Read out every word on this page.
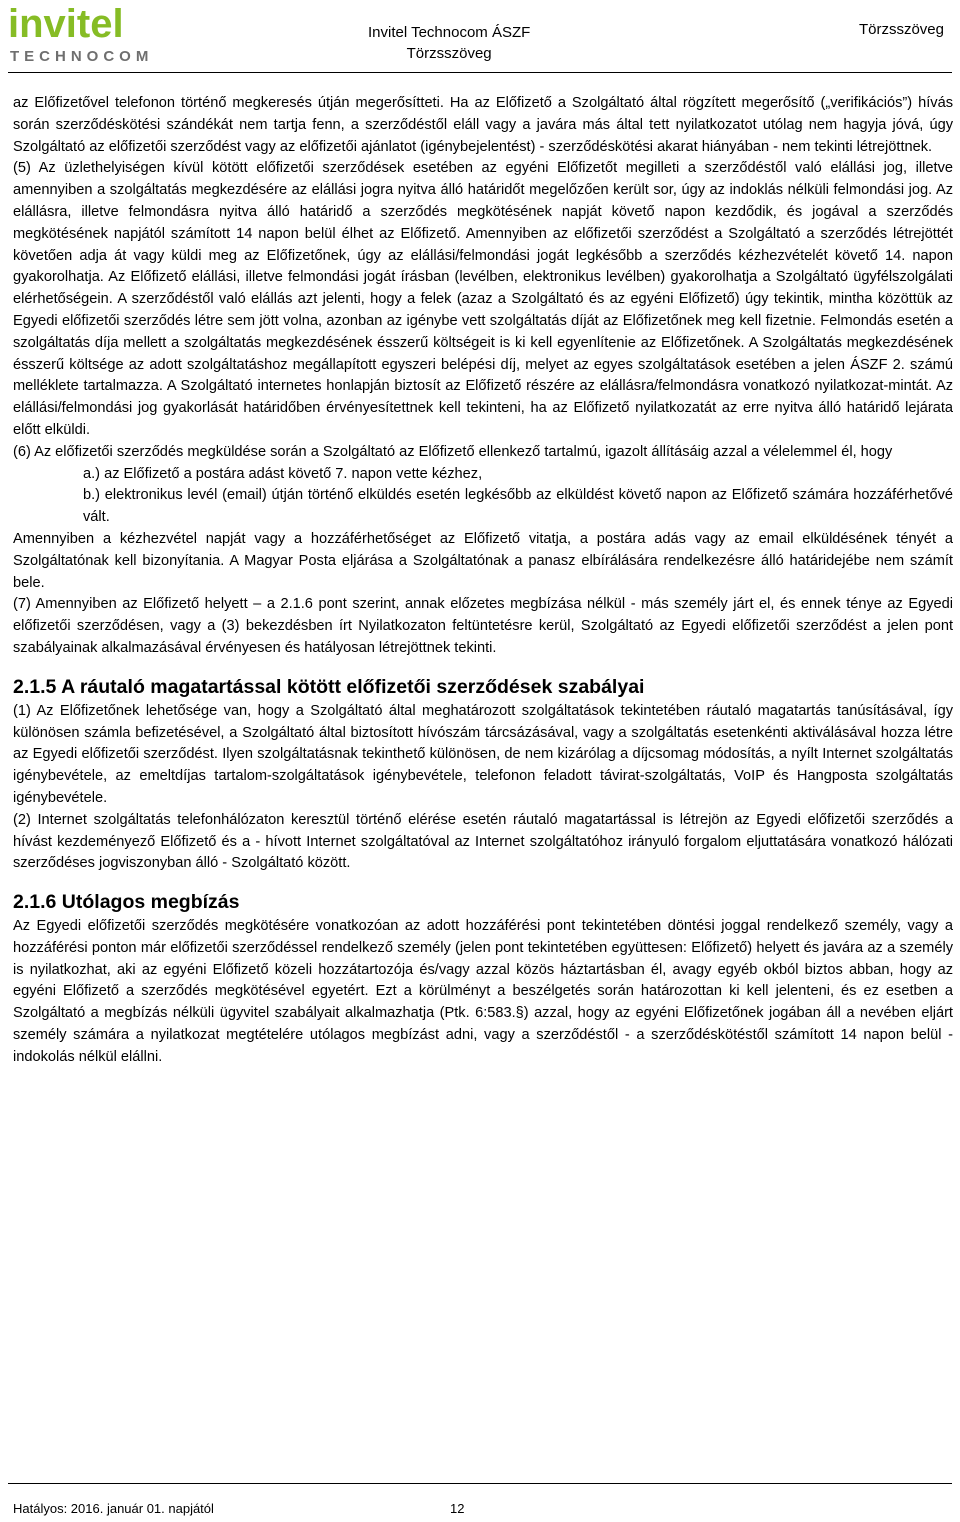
invitel
TECHNOCOM
Invitel Technocom ÁSZF
Törzsszöveg
Törzsszöveg

az Előfizetővel telefonon történő megkeresés útján megerősítteti. Ha az Előfizető a Szolgáltató által rögzített megerősítő („verifikációs”) hívás során szerződéskötési szándékát nem tartja fenn, a szerződéstől eláll vagy a javára más által tett nyilatkozatot utólag nem hagyja jóvá, úgy Szolgáltató az előfizetői szerződést vagy az előfizetői ajánlatot (igénybejelentést) - szerződéskötési akarat hiányában - nem tekinti létrejöttnek.

(5) Az üzlethelyiségen kívül kötött előfizetői szerződések esetében az egyéni Előfizetőt megilleti a szerződéstől való elállási jog, illetve amennyiben a szolgáltatás megkezdésére az elállási jogra nyitva álló határidőt megelőzően került sor, úgy az indoklás nélküli felmondási jog. Az elállásra, illetve felmondásra nyitva álló határidő a szerződés megkötésének napját követő napon kezdődik, és jogával a szerződés megkötésének napjától számított 14 napon belül élhet az Előfizető. Amennyiben az előfizetői szerződést a Szolgáltató a szerződés létrejöttét követően adja át vagy küldi meg az Előfizetőnek, úgy az elállási/felmondási jogát legkésőbb a szerződés kézhezvételét követő 14. napon gyakorolhatja. Az Előfizető elállási, illetve felmondási jogát írásban (levélben, elektronikus levélben) gyakorolhatja a Szolgáltató ügyfélszolgálati elérhetőségein. A szerződéstől való elállás azt jelenti, hogy a felek (azaz a Szolgáltató és az egyéni Előfizető) úgy tekintik, mintha közöttük az Egyedi előfizetői szerződés létre sem jött volna, azonban az igénybe vett szolgáltatás díját az Előfizetőnek meg kell fizetnie. Felmondás esetén a szolgáltatás díja mellett a szolgáltatás megkezdésének ésszerű költségeit is ki kell egyenlítenie az Előfizetőnek. A Szolgáltatás megkezdésének ésszerű költsége az adott szolgáltatáshoz megállapított egyszeri belépési díj, melyet az egyes szolgáltatások esetében a jelen ÁSZF 2. számú melléklete tartalmazza. A Szolgáltató internetes honlapján biztosít az Előfizető részére az elállásra/felmondásra vonatkozó nyilatkozat-mintát. Az elállási/felmondási jog gyakorlását határidőben érvényesítettnek kell tekinteni, ha az Előfizető nyilatkozatát az erre nyitva álló határidő lejárata előtt elküldi.

(6) Az előfizetői szerződés megküldése során a Szolgáltató az Előfizető ellenkező tartalmú, igazolt állításáig azzal a vélelemmel él, hogy

a.) az Előfizető a postára adást követő 7. napon vette kézhez,

b.) elektronikus levél (email) útján történő elküldés esetén legkésőbb az elküldést követő napon az Előfizető számára hozzáférhetővé vált.

Amennyiben a kézhezvétel napját vagy a hozzáférhetőséget az Előfizető vitatja, a postára adás vagy az email elküldésének tényét a Szolgáltatónak kell bizonyítania. A Magyar Posta eljárása a Szolgáltatónak a panasz elbírálására rendelkezésre álló határidejébe nem számít bele.

(7) Amennyiben az Előfizető helyett – a 2.1.6 pont szerint, annak előzetes megbízása nélkül - más személy járt el, és ennek ténye az Egyedi előfizetői szerződésen, vagy a (3) bekezdésben írt Nyilatkozaton feltüntetésre kerül, Szolgáltató az Egyedi előfizetői szerződést a jelen pont szabályainak alkalmazásával érvényesen és hatályosan létrejöttnek tekinti.

2.1.5 A ráutaló magatartással kötött előfizetői szerződések szabályai

(1) Az Előfizetőnek lehetősége van, hogy a Szolgáltató által meghatározott szolgáltatások tekintetében ráutaló magatartás tanúsításával, így különösen számla befizetésével, a Szolgáltató által biztosított hívószám tárcsázásával, vagy a szolgáltatás esetenkénti aktiválásával hozza létre az Egyedi előfizetői szerződést. Ilyen szolgáltatásnak tekinthető különösen, de nem kizárólag a díjcsomag módosítás, a nyílt Internet szolgáltatás igénybevétele, az emeltdíjas tartalom-szolgáltatások igénybevétele, telefonon feladott távirat-szolgáltatás, VoIP és Hangposta szolgáltatás igénybevétele.

(2) Internet szolgáltatás telefonhálózaton keresztül történő elérése esetén ráutaló magatartással is létrejön az Egyedi előfizetői szerződés a hívást kezdeményező Előfizető és a - hívott Internet szolgáltatóval az Internet szolgáltatóhoz irányuló forgalom eljuttatására vonatkozó hálózati szerződéses jogviszonyban álló - Szolgáltató között.

2.1.6 Utólagos megbízás

Az Egyedi előfizetői szerződés megkötésére vonatkozóan az adott hozzáférési pont tekintetében döntési joggal rendelkező személy, vagy a hozzáférési ponton már előfizetői szerződéssel rendelkező személy (jelen pont tekintetében együttesen: Előfizető) helyett és javára az a személy is nyilatkozhat, aki az egyéni Előfizető közeli hozzátartozója és/vagy azzal közös háztartásban él, avagy egyéb okból biztos abban, hogy az egyéni Előfizető a szerződés megkötésével egyetért. Ezt a körülményt a beszélgetés során határozottan ki kell jelenteni, és ez esetben a Szolgáltató a megbízás nélküli ügyvitel szabályait alkalmazhatja (Ptk. 6:583.§) azzal, hogy az egyéni Előfizetőnek jogában áll a nevében eljárt személy számára a nyilatkozat megtételére utólagos megbízást adni, vagy a szerződéstől - a szerződéskötéstől számított 14 napon belül - indokolás nélkül elállni.

Hatályos: 2016. január 01. napjától	12
